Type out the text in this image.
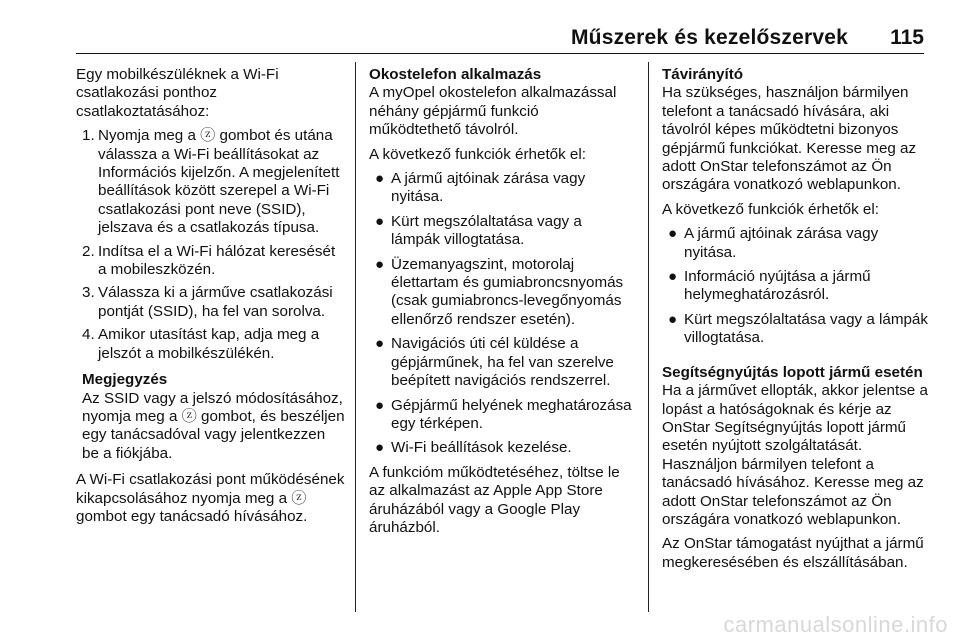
Műszerek és kezelőszervek 115

Egy mobilkészüléknek a Wi-Fi csatlakozási ponthoz csatlakoztatásához:

1 . Nyomja meg a ⓩ gombot és utána válassza a Wi-Fi beállításokat az Információs kijelzőn. A megjelenített beállítások között szerepel a Wi-Fi csatlakozási pont neve (SSID), jelszava és a csatlakozás típusa.
2 . Indítsa el a Wi-Fi hálózat keresését a mobileszközén.
3 . Válassza ki a járműve csatlakozási pontját (SSID), ha fel van sorolva.
4 . Amikor utasítást kap, adja meg a jelszót a mobilkészülékén.
Megjegyzés
Az SSID vagy a jelszó módosításához, nyomja meg a ⓩ gombot, és beszéljen egy tanácsadóval vagy jelentkezzen be a fiókjába.

A Wi-Fi csatlakozási pont működésének kikapcsolásához nyomja meg a ⓩ gombot egy tanácsadó hívásához.

Okostelefon alkalmazás

A myOpel okostelefon alkalmazással néhány gépjármű funkció működtethető távolról.

A következő funkciók érhetők el:

● A jármű ajtóinak zárása vagy nyitása.
● Kürt megszólaltatása vagy a lámpák villogtatása.
● Üzemanyagszint, motorolaj élettartam és gumiabroncsnyomás (csak gumiabroncs-levegőnyomás ellenőrző rendszer esetén).
● Navigációs úti cél küldése a gépjárműnek, ha fel van szerelve beépített navigációs rendszerrel.
● Gépjármű helyének meghatározása egy térképen.
● Wi-Fi beállítások kezelése.

A funkcióm működtetéséhez, töltse le az alkalmazást az Apple App Store áruházából vagy a Google Play áruházból.

Távirányító

Ha szükséges, használjon bármilyen telefont a tanácsadó hívására, aki távolról képes működtetni bizonyos gépjármű funkciókat. Keresse meg az adott OnStar telefonszámot az Ön országára vonatkozó weblapunkon.

A következő funkciók érhetők el:

● A jármű ajtóinak zárása vagy nyitása.
● Információ nyújtása a jármű helymeghatározásról.
● Kürt megszólaltatása vagy a lámpák villogtatása.
Segítségnyújtás lopott jármű esetén

Ha a járművet ellopták, akkor jelentse a lopást a hatóságoknak és kérje az OnStar Segítségnyújtás lopott jármű esetén nyújtott szolgáltatását. Használjon bármilyen telefont a tanácsadó hívásához. Keresse meg az adott OnStar telefonszámot az Ön országára vonatkozó weblapunkon.

Az OnStar támogatást nyújthat a jármű megkeresésében és elszállításában.

carmanualsonline.info
